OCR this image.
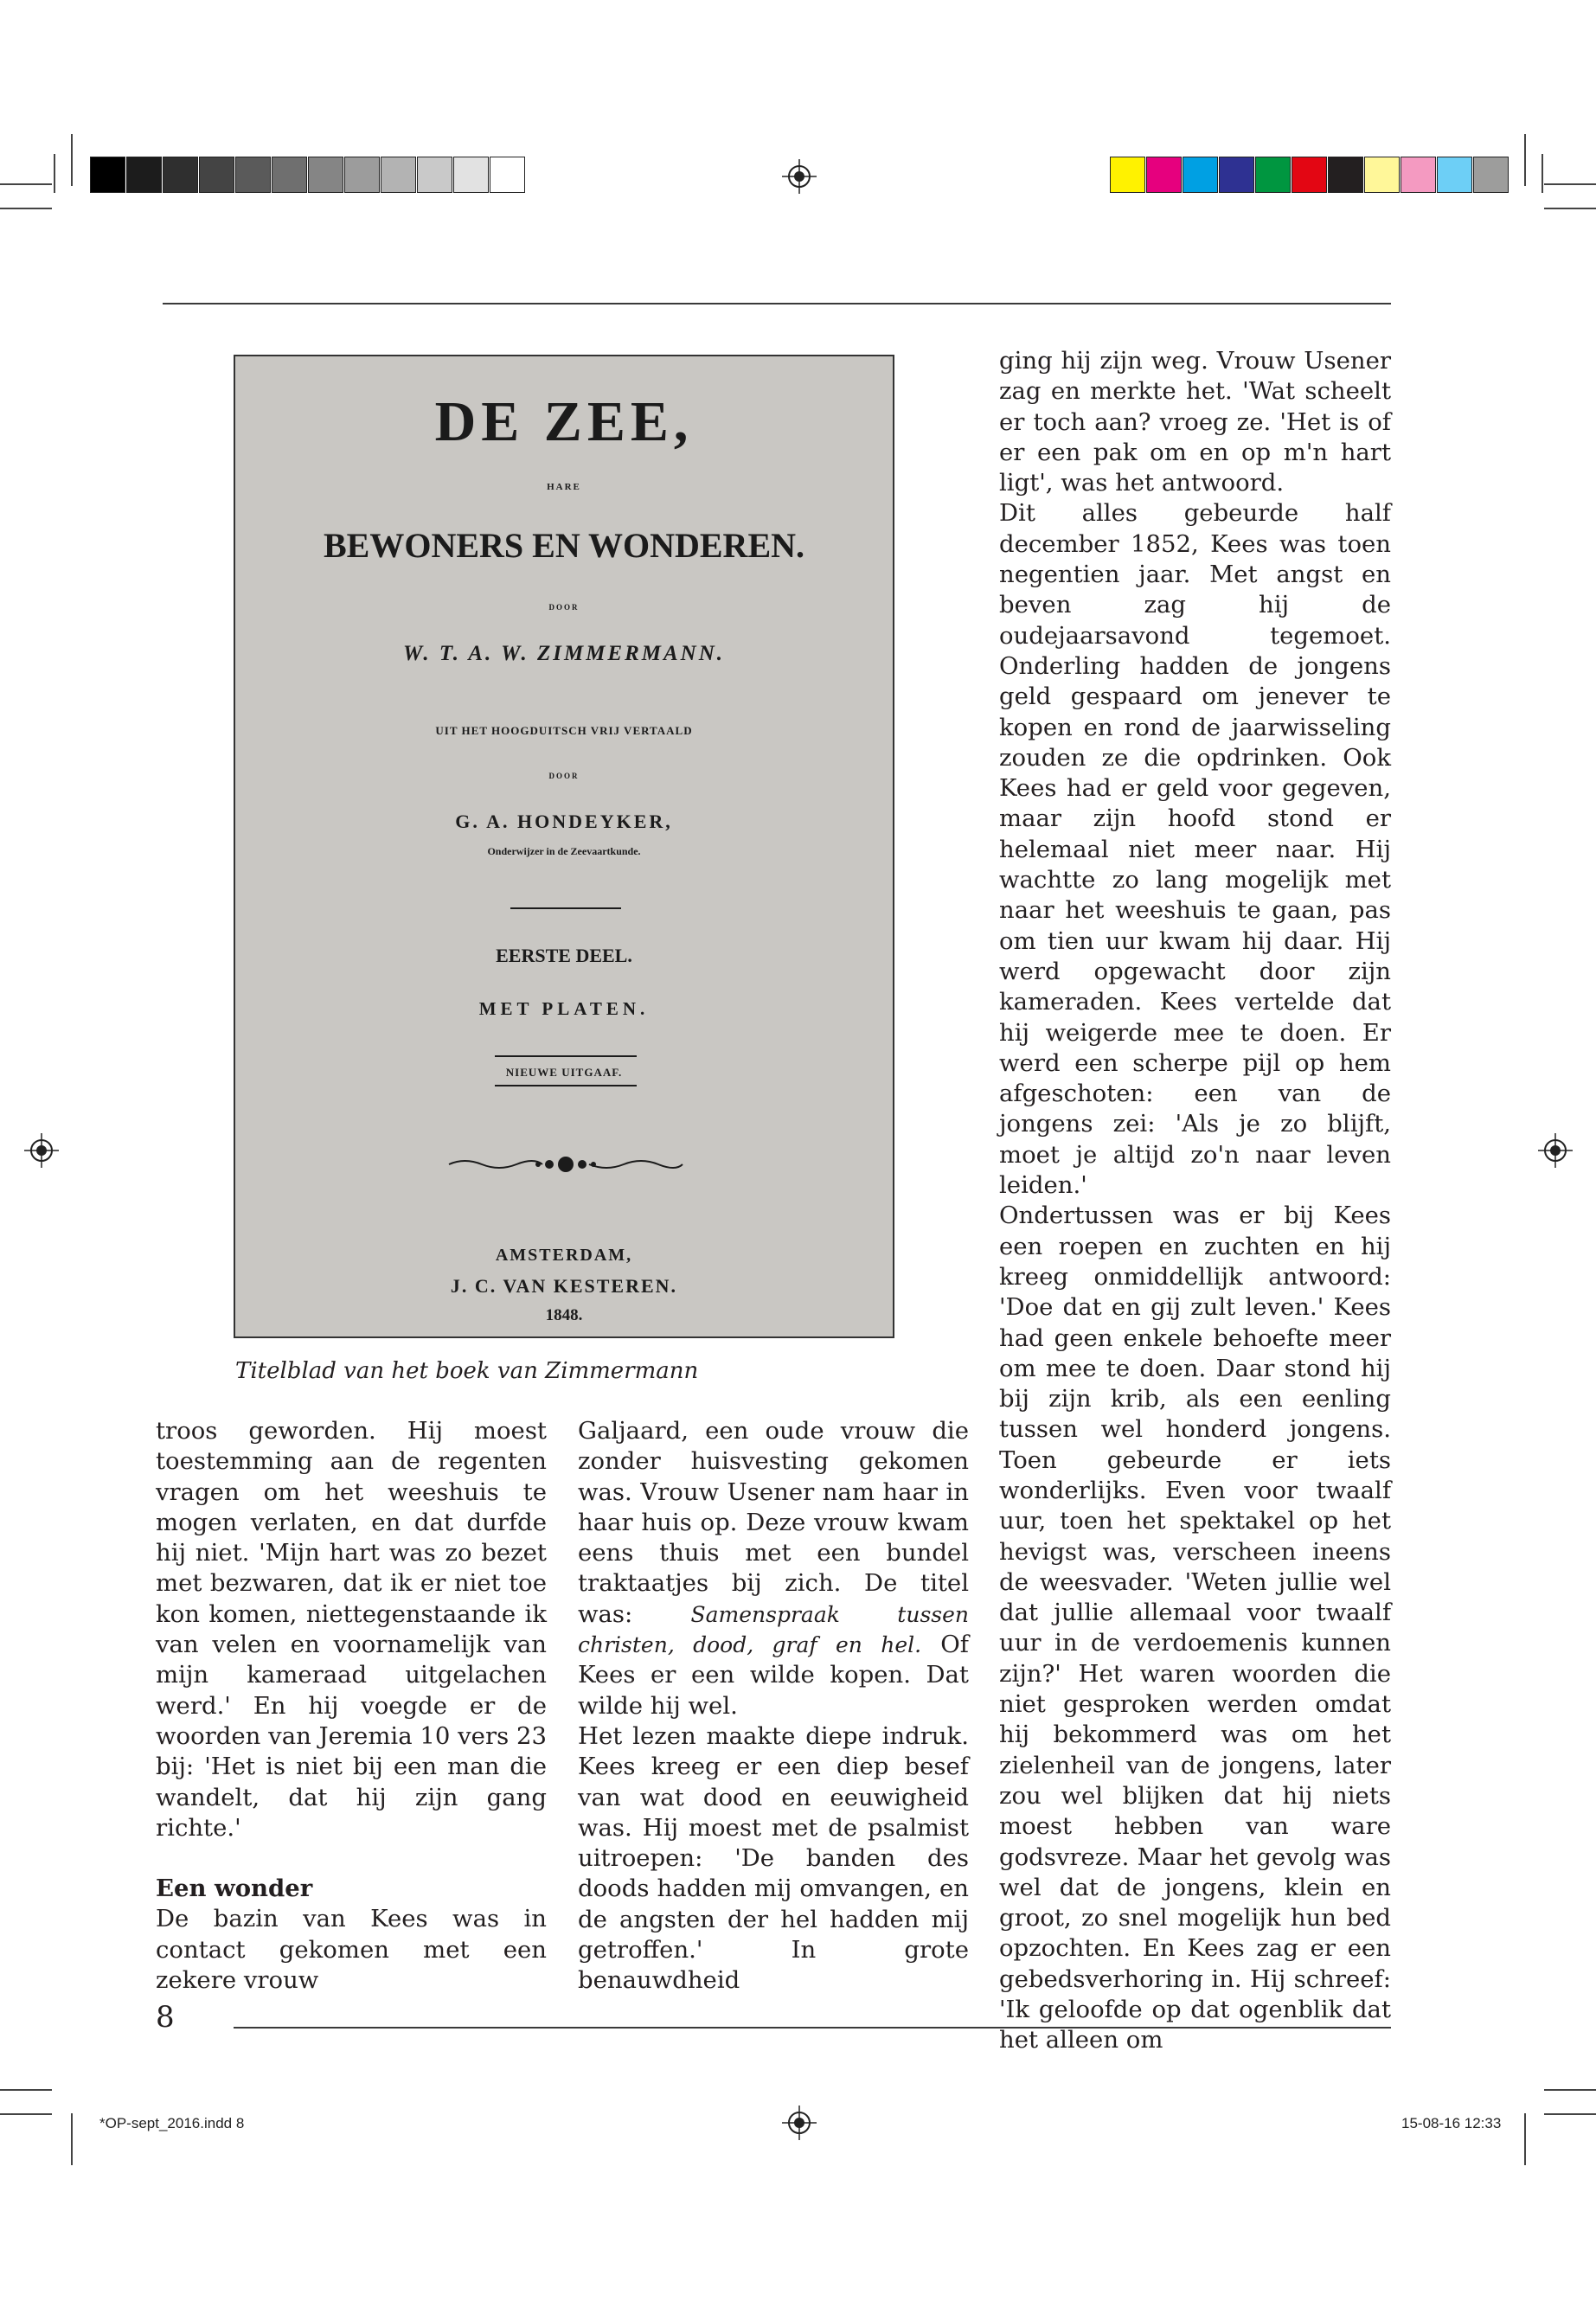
DE ZEE,
HARE
BEWONERS EN WONDEREN.
DOOR
W. T. A. W. ZIMMERMANN.
UIT HET HOOGDUITSCH VRIJ VERTAALD
DOOR
G. A. HONDEYKER,
Onderwijzer in de Zeevaartkunde.
EERSTE DEEL.
MET PLATEN.
NIEUWE UITGAAF.
AMSTERDAM,
J. C. VAN KESTEREN.
1848.
Titelblad van het boek van Zimmermann

troos geworden. Hij moest toestemming aan de regenten vragen om het weeshuis te mogen verlaten, en dat durfde hij niet. 'Mijn hart was zo bezet met bezwaren, dat ik er niet toe kon komen, niettegenstaande ik van velen en voornamelijk van mijn kameraad uitgelachen werd.' En hij voegde er de woorden van Jeremia 10 vers 23 bij: 'Het is niet bij een man die wandelt, dat hij zijn gang richte.'

Een wonder

De bazin van Kees was in contact gekomen met een zekere vrouw

Galjaard, een oude vrouw die zonder huisvesting gekomen was. Vrouw Usener nam haar in haar huis op. Deze vrouw kwam eens thuis met een bundel traktaatjes bij zich. De titel was: Samenspraak tussen christen, dood, graf en hel. Of Kees er een wilde kopen. Dat wilde hij wel.

Het lezen maakte diepe indruk. Kees kreeg er een diep besef van wat dood en eeuwigheid was. Hij moest met de psalmist uitroepen: 'De banden des doods hadden mij omvangen, en de angsten der hel hadden mij getroffen.' In grote benauwdheid

ging hij zijn weg. Vrouw Usener zag en merkte het. 'Wat scheelt er toch aan? vroeg ze. 'Het is of er een pak om en op m'n hart ligt', was het antwoord.

Dit alles gebeurde half december 1852, Kees was toen negentien jaar. Met angst en beven zag hij de oudejaarsavond tegemoet. Onderling hadden de jongens geld gespaard om jenever te kopen en rond de jaarwisseling zouden ze die opdrinken. Ook Kees had er geld voor gegeven, maar zijn hoofd stond er helemaal niet meer naar. Hij wachtte zo lang mogelijk met naar het weeshuis te gaan, pas om tien uur kwam hij daar. Hij werd opgewacht door zijn kameraden. Kees vertelde dat hij weigerde mee te doen. Er werd een scherpe pijl op hem afgeschoten: een van de jongens zei: 'Als je zo blijft, moet je altijd zo'n naar leven leiden.'

Ondertussen was er bij Kees een roepen en zuchten en hij kreeg onmiddellijk antwoord: 'Doe dat en gij zult leven.' Kees had geen enkele behoefte meer om mee te doen. Daar stond hij bij zijn krib, als een eenling tussen wel honderd jongens. Toen gebeurde er iets wonderlijks. Even voor twaalf uur, toen het spektakel op het hevigst was, verscheen ineens de weesvader. 'Weten jullie wel dat jullie allemaal voor twaalf uur in de verdoemenis kunnen zijn?' Het waren woorden die niet gesproken werden omdat hij bekommerd was om het zielenheil van de jongens, later zou wel blijken dat hij niets moest hebben van ware godsvreze. Maar het gevolg was wel dat de jongens, klein en groot, zo snel mogelijk hun bed opzochten. En Kees zag er een gebedsverhoring in. Hij schreef: 'Ik geloofde op dat ogenblik dat het alleen om

8
*OP-sept_2016.indd 8	15-08-16 12:33
